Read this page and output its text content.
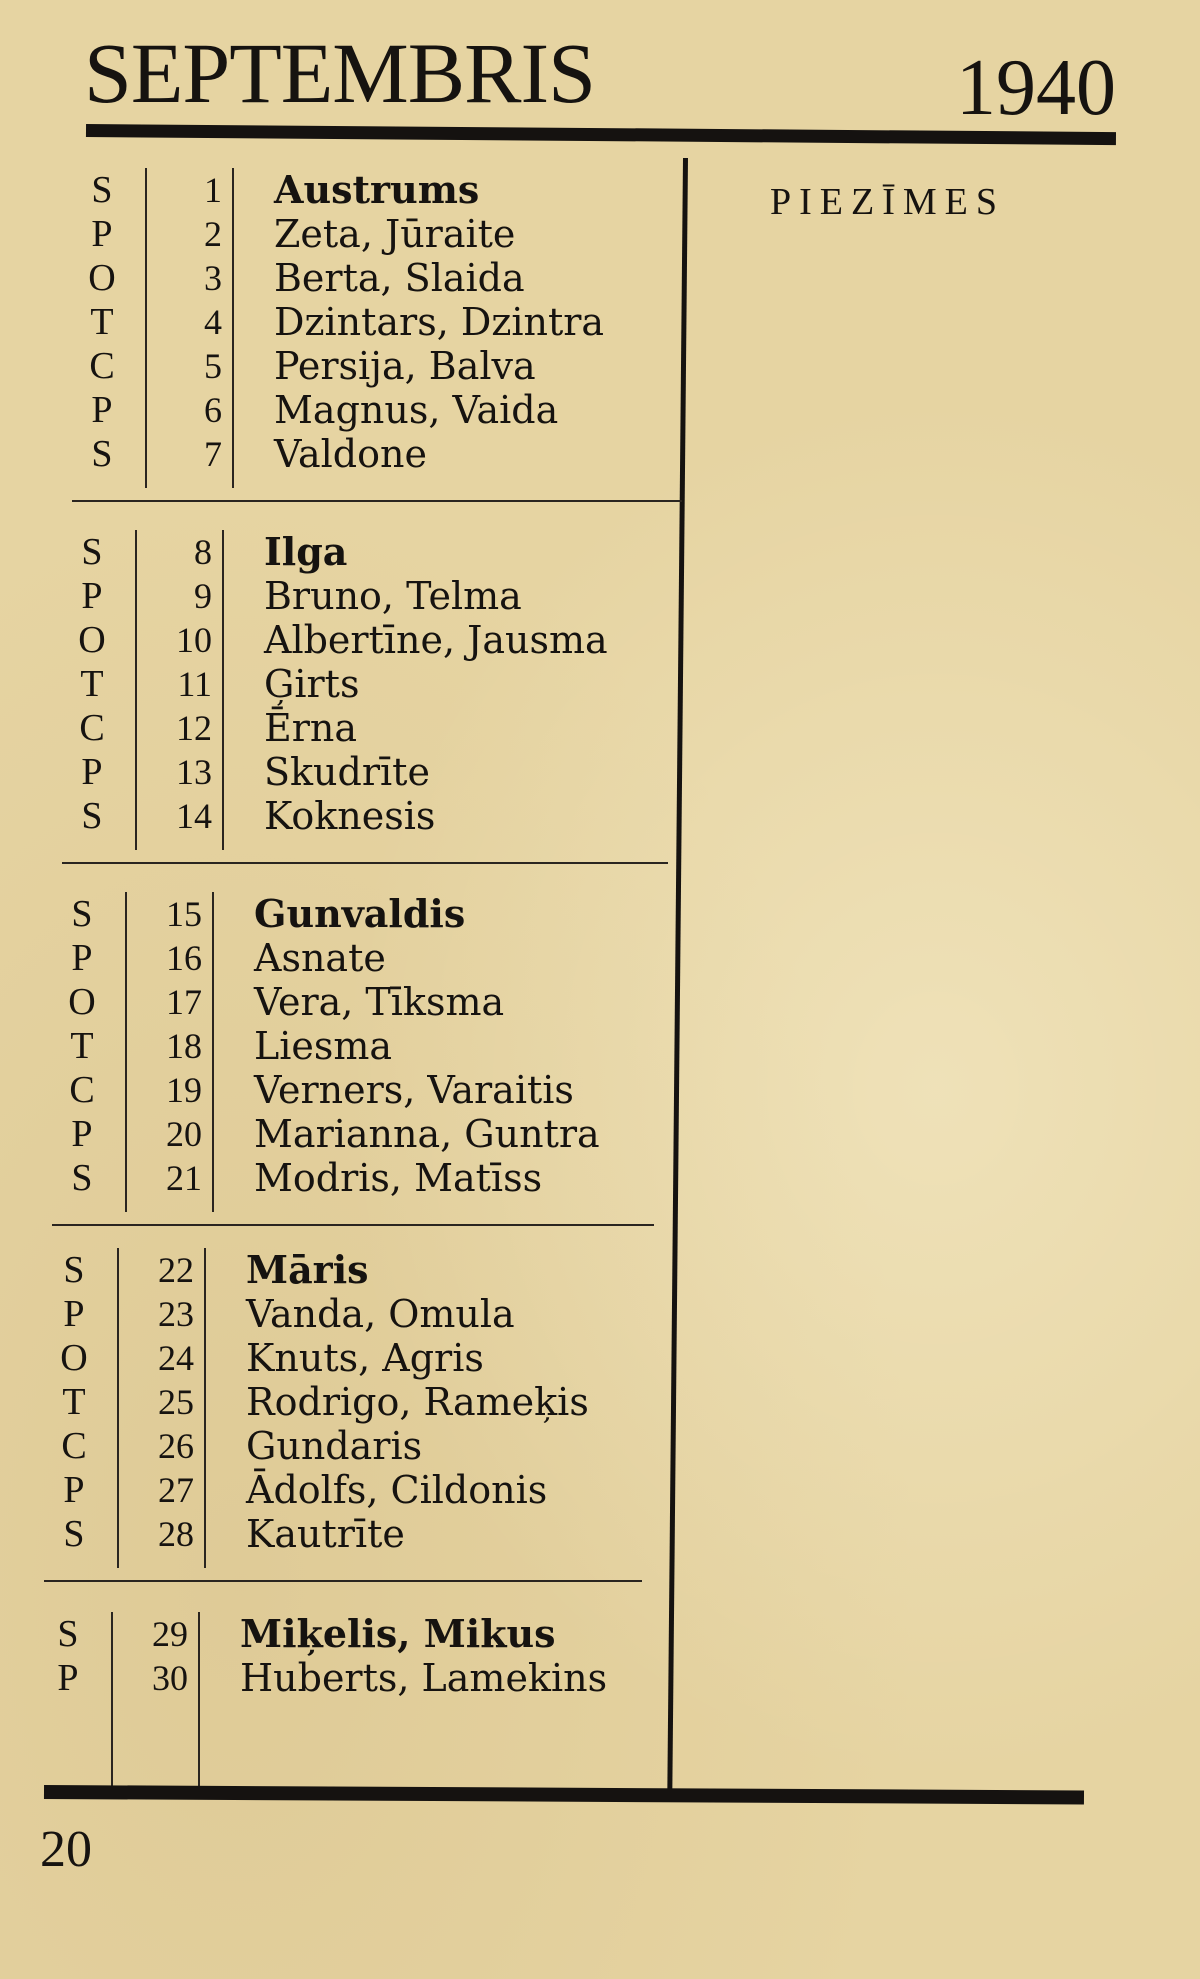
SEPTEMBRIS	1940
PIEZĪMES
S	1 Austrums
P	2 Zeta, Jūraite
O	3 Berta, Slaida
T	4 Dzintars, Dzintra
C	5 Persija, Balva
P	6 Magnus, Vaida
S	7 Valdone
S	8 Ilga
P	9 Bruno, Telma
O	10 Albertīne, Jausma
T	11 Ģirts
C	12 Ērna
P	13 Skudrīte
S	14 Koknesis
S	15 Gunvaldis
P	16 Asnate
O	17 Vera, Tīksma
T	18 Liesma
C	19 Verners, Varaitis
P	20 Marianna, Guntra
S	21 Modris, Matīss
S	22 Māris
P	23 Vanda, Omula
O	24 Knuts, Agris
T	25 Rodrigo, Rameķis
C	26 Gundaris
P	27 Ādolfs, Cildonis
S	28 Kautrīte
S	29 Miķelis, Mikus
P	30 Huberts, Lamekins
20
